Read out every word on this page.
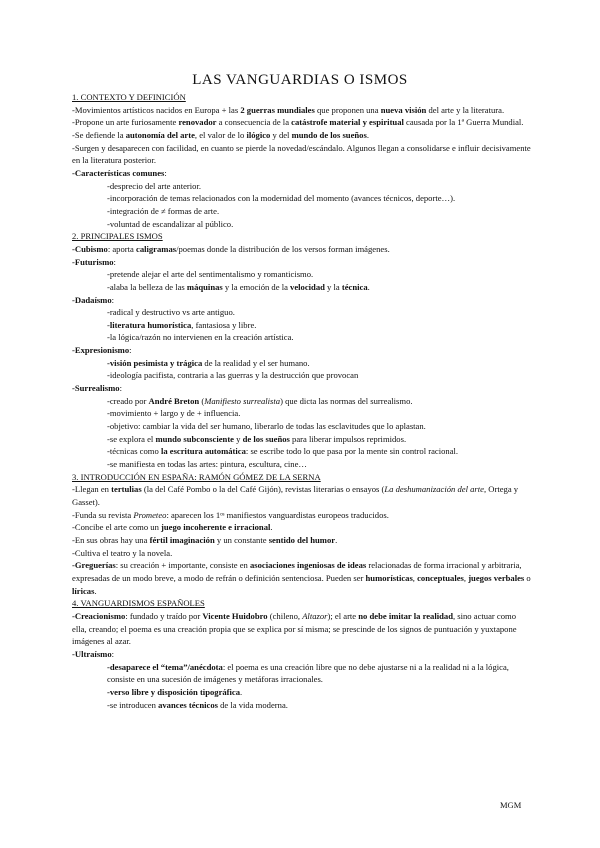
LAS VANGUARDIAS O ISMOS

1. CONTEXTO Y DEFINICIÓN

-Movimientos artísticos nacidos en Europa + las 2 guerras mundiales que proponen una nueva visión del arte y la literatura.

-Propone un arte furiosamente renovador a consecuencia de la catástrofe material y espiritual causada por la 1ª Guerra Mundial.

-Se defiende la autonomía del arte, el valor de lo ilógico y del mundo de los sueños.

-Surgen y desaparecen con facilidad, en cuanto se pierde la novedad/escándalo. Algunos llegan a consolidarse e influir decisivamente en la literatura posterior.

-Características comunes:

-desprecio del arte anterior.

-incorporación de temas relacionados con la modernidad del momento (avances técnicos, deporte…).

-integración de ≠ formas de arte.

-voluntad de escandalizar al público.

2. PRINCIPALES ISMOS

-Cubismo: aporta caligramas/poemas donde la distribución de los versos forman imágenes.

-Futurismo:

-pretende alejar el arte del sentimentalismo y romanticismo.

-alaba la belleza de las máquinas y la emoción de la velocidad y la técnica.

-Dadaísmo:

-radical y destructivo vs arte antiguo.

-literatura humorística, fantasiosa y libre.

-la lógica/razón no intervienen en la creación artística.

-Expresionismo:

-visión pesimista y trágica de la realidad y el ser humano.

-ideología pacifista, contraria a las guerras y la destrucción que provocan

-Surrealismo:

-creado por André Breton (Manifiesto surrealista) que dicta las normas del surrealismo.

-movimiento + largo y de + influencia.

-objetivo: cambiar la vida del ser humano, liberarlo de todas las esclavitudes que lo aplastan.

-se explora el mundo subconsciente y de los sueños para liberar impulsos reprimidos.

-técnicas como la escritura automática: se escribe todo lo que pasa por la mente sin control racional.

-se manifiesta en todas las artes: pintura, escultura, cine…

3. INTRODUCCIÓN EN ESPAÑA: RAMÓN GÓMEZ DE LA SERNA

-Llegan en tertulias (la del Café Pombo o la del Café Gijón), revistas literarias o ensayos (La deshumanización del arte, Ortega y Gasset).

-Funda su revista Prometeo: aparecen los 1ᵒˢ manifiestos vanguardistas europeos traducidos.

-Concibe el arte como un juego incoherente e irracional.

-En sus obras hay una fértil imaginación y un constante sentido del humor.

-Cultiva el teatro y la novela.

-Greguerías: su creación + importante, consiste en asociaciones ingeniosas de ideas relacionadas de forma irracional y arbitraria, expresadas de un modo breve, a modo de refrán o definición sentenciosa. Pueden ser humorísticas, conceptuales, juegos verbales o líricas.

4. VANGUARDISMOS ESPAÑOLES

-Creacionismo: fundado y traído por Vicente Huidobro (chileno, Altazor); el arte no debe imitar la realidad, sino actuar como ella, creando; el poema es una creación propia que se explica por sí misma; se prescinde de los signos de puntuación y yuxtapone imágenes al azar.

-Ultraísmo:

-desaparece el “tema”/anécdota: el poema es una creación libre que no debe ajustarse ni a la realidad ni a la lógica, consiste en una sucesión de imágenes y metáforas irracionales.

-verso libre y disposición tipográfica.

-se introducen avances técnicos de la vida moderna.

MGM
